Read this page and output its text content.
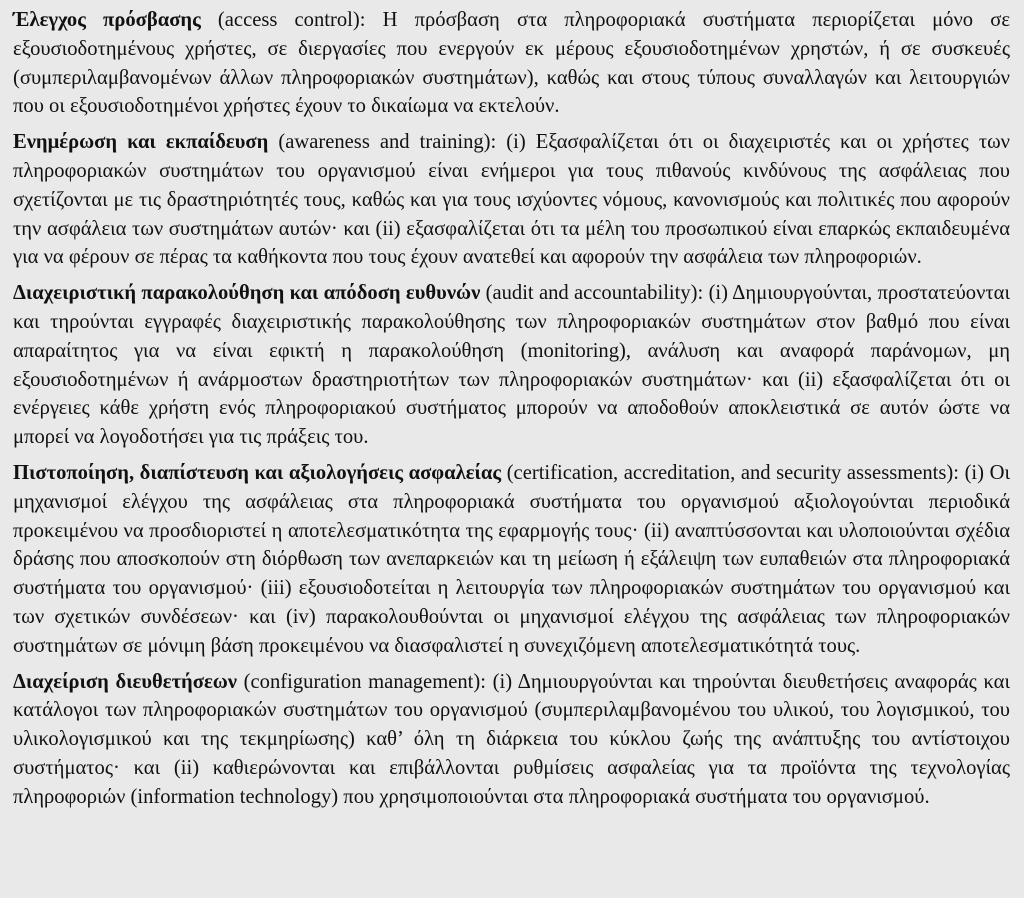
Έλεγχος πρόσβασης (access control): Η πρόσβαση στα πληροφοριακά συστήματα περιορίζεται μόνο σε εξουσιοδοτημένους χρήστες, σε διεργασίες που ενεργούν εκ μέρους εξουσιοδοτημένων χρηστών, ή σε συσκευές (συμπεριλαμβανομένων άλλων πληροφοριακών συστημάτων), καθώς και στους τύπους συναλλαγών και λειτουργιών που οι εξουσιοδοτημένοι χρήστες έχουν το δικαίωμα να εκτελούν.

Ενημέρωση και εκπαίδευση (awareness and training): (i) Εξασφαλίζεται ότι οι διαχειριστές και οι χρήστες των πληροφοριακών συστημάτων του οργανισμού είναι ενήμεροι για τους πιθανούς κινδύνους της ασφάλειας που σχετίζονται με τις δραστηριότητές τους, καθώς και για τους ισχύοντες νόμους, κανονισμούς και πολιτικές που αφορούν την ασφάλεια των συστημάτων αυτών· και (ii) εξασφαλίζεται ότι τα μέλη του προσωπικού είναι επαρκώς εκπαιδευμένα για να φέρουν σε πέρας τα καθήκοντα που τους έχουν ανατεθεί και αφορούν την ασφάλεια των πληροφοριών.

Διαχειριστική παρακολούθηση και απόδοση ευθυνών (audit and accountability): (i) Δημιουργούνται, προστατεύονται και τηρούνται εγγραφές διαχειριστικής παρακολούθησης των πληροφοριακών συστημάτων στον βαθμό που είναι απαραίτητος για να είναι εφικτή η παρακολούθηση (monitoring), ανάλυση και αναφορά παράνομων, μη εξουσιοδοτημένων ή ανάρμοστων δραστηριοτήτων των πληροφοριακών συστημάτων· και (ii) εξασφαλίζεται ότι οι ενέργειες κάθε χρήστη ενός πληροφοριακού συστήματος μπορούν να αποδοθούν αποκλειστικά σε αυτόν ώστε να μπορεί να λογοδοτήσει για τις πράξεις του.

Πιστοποίηση, διαπίστευση και αξιολογήσεις ασφαλείας (certification, accreditation, and security assessments): (i) Οι μηχανισμοί ελέγχου της ασφάλειας στα πληροφοριακά συστήματα του οργανισμού αξιολογούνται περιοδικά προκειμένου να προσδιοριστεί η αποτελεσματικότητα της εφαρμογής τους· (ii) αναπτύσσονται και υλοποιούνται σχέδια δράσης που αποσκοπούν στη διόρθωση των ανεπαρκειών και τη μείωση ή εξάλειψη των ευπαθειών στα πληροφοριακά συστήματα του οργανισμού· (iii) εξουσιοδοτείται η λειτουργία των πληροφοριακών συστημάτων του οργανισμού και των σχετικών συνδέσεων· και (iv) παρακολουθούνται οι μηχανισμοί ελέγχου της ασφάλειας των πληροφοριακών συστημάτων σε μόνιμη βάση προκειμένου να διασφαλιστεί η συνεχιζόμενη αποτελεσματικότητά τους.

Διαχείριση διευθετήσεων (configuration management): (i) Δημιουργούνται και τηρούνται διευθετήσεις αναφοράς και κατάλογοι των πληροφοριακών συστημάτων του οργανισμού (συμπεριλαμβανομένου του υλικού, του λογισμικού, του υλικολογισμικού και της τεκμηρίωσης) καθ’ όλη τη διάρκεια του κύκλου ζωής της ανάπτυξης του αντίστοιχου συστήματος· και (ii) καθιερώνονται και επιβάλλονται ρυθμίσεις ασφαλείας για τα προϊόντα της τεχνολογίας πληροφοριών (information technology) που χρησιμοποιούνται στα πληροφοριακά συστήματα του οργανισμού.
